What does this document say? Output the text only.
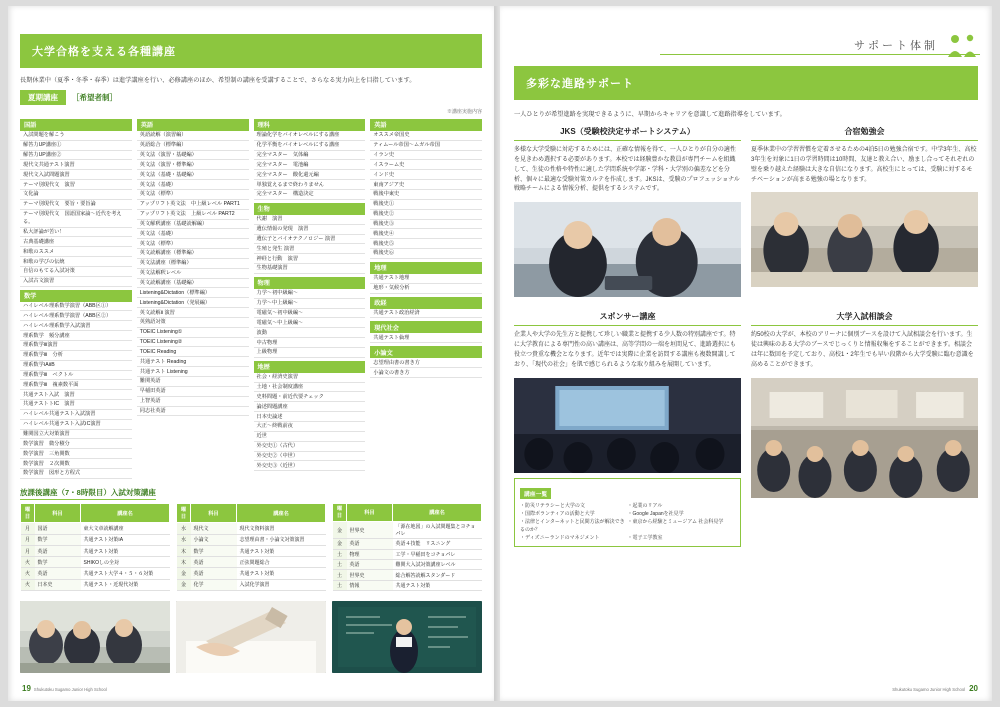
大学合格を支える各種講座
長期休業中（夏季・冬季・春季）は進学講座を行い、必修講座のほか、希望制の講座を受講することで、さらなる実力向上を目指しています。
夏期講座	［希望者制］
※講座実施内容
国語
入試問題を解こう
解答力UP講座①
解答力UP講座②
現代文共通テスト演習
現代文入試問題演習
テーマ別現代文　演習
文化論
テーマ別現代文　要旨・要旨論
テーマ別現代文　国語国家論～近代を考える。
私大評論が苦い！
古典基礎講座
和歌のススメ
和歌の学びの伝統
自信のもてる入試対策
入試古文演習
数学
ハイレベル理系数学演習（ABB区①）
ハイレベル理系数学演習（ABB区②）
ハイレベル理系数学入試演習
理系数学　頻分講座
理系数学Ⅲ演習
理系数学Ⅲ　分析
理系数学ⅠAⅡB
理系数学Ⅲ　ベクトル
理系数学Ⅲ　複素数平面
共通テスト入試　演習
共通テストトIC　演習
ハイレベル共通テスト入試演習
ハイレベル共通テスト入試ⅠC演習
難関国立大対策演習
数学演習　微分積分
数学演習　三角関数
数学演習　２次関数
数学演習　図形と方程式
英語
英語読解（演習編）
英語総合（標準編）
英文法（演習・基礎編）
英文法（演習・標準編）
英文法（基礎・基礎編）
英文法（基礎）
英文法（標準）
アップリフト英文法　中上級レベル PART1
アップリフト英文法　上級レベル PART2
英文解釈講座（基礎読解編）
英文法（基礎）
英文法（標準）
英文読解講座（標準編）
英文法講座（標準編）
英文法解釈レベル
英文読解講座（基礎編）
Listening&Dictation（標準編）
Listening&Dictation（発展編）
英文読解Ⅱ 演習
英熟語対策
TOEIC Listening①
TOEIC Listening②
TOEIC Reading
共通テスト Reading
共通テスト Listening
難関英語
早稲田英語
上智英語
同志社英語
理科
理論化学をバイオレベルにする講座
化学平衡をバイオレベルにする講座
完全マスター　気体編
完全マスター　電池編
完全マスター　酸化還元編
単独覚えるまで終わりません
完全マスター　構造決定
生物
代謝　演習
遺伝情報の発現　演習
遺伝子とバイオテクノロジー 演習
生殖と発生 演習
神経と行動　演習
生物基礎演習
物理
力学～初中級編～
力学～中上級編～
電磁気～初中級編～
電磁気～中上級編～
波動
中古物理
上級物理
地歴
社会・経済史演習
土地・社会制度講座
史料問題・前近代要チェック
論述問題講座
日本史論述
大正～終戦前夜
近世
外交史①（古代）
外交史②（中世）
外交史③（近世）
英語
オススメ帝国史
ティムール帝国～ムガル帝国
イラン史
イスラーム史
インド史
東南アジア史
戦後中東史
戦後史①
戦後史②
戦後史③
戦後史④
戦後史⑤
戦後史⑥
地理
共通テスト地理
地形・気候分析
政経
共通テスト政治経済
現代社会
共通テスト倫理
小論文
志望理由書の書き方
小論文の書き方
放課後講座（7・8時限目）入試対策講座
曜日	科目	講座名
月	国語	東大文章読解講座
月	数学	共通テスト対策ⅠA
月	英語	共通テスト対策
火	数学	SHIKOしの全対
火	英語	共通テスト大学４・５・６対策
火	日本史	共通テスト・近現代対策
曜日	科目	講座名
水	現代文	現代文資料演習
水	小論文	志望理由書・小論文対策演習
木	数学	共通テスト対策
木	英語	正弦問題総合
金	英語	共通テスト対策
金	化学	入試化学演習
曜日	科目	講座名
金	世界史	「源在地図」の入試問題集とヨチョパレ
金	英語	英語４技能　リスニング
土	物理	工学・早稲田をコチョパレ
土	英語	難関大入試対策講座レベル
土	世界史	総合解答読解スタンダード
土	情報	共通テスト対策
19 Shukutoku Sugamo Junior High School
サポート体制
多彩な進路サポート
一人ひとりが希望進路を実現できるように、早期からキャリアを意識して進路指導をしています。
JKS（受験校決定サポートシステム）
多様な大学受験に対応するためには、正確な情報を得て、一人ひとりが自分の適性を見きわめ選択する必要があります。本校では経験豊かな教員が専門チームを組織して、生徒の性格や特性に適した学問系統や学部・学科・大学別の偏差などを分析、個々に最適な受験対策カルテを作成します。JKSは、受験のプロフェッショナル戦略チームによる情報分析、提供をするシステムです。
合宿勉強会
夏季休業中の学習習慣を定着させるための4泊5日の勉強合宿です。中学3年生、高校3年生を対象に1日の学習時間は10時間、友達と教え合い、励まし合ってそれぞれの壁を乗り越えた経験は大きな自信になります。高校生にとっては、受験に対するモチベーションが高まる勉強の場となります。
スポンサー講座
企業人や大学の先生方と提携して珍しい職業と提携する少人数の特別講座です。特に大学教育による専門性の高い講座は、高等学問の一端を垣間見て、進路選択にも役立つ貴重な機会となります。近年では実際に企業を訪問する講座も複数開講しており、「現代の社会」を肌で感じられるような取り組みを展開しています。
講座一覧
・ 防災リテラシーと大学の文	・ 起業のリアル
・ 国際ボランティアの活動と大学	・ Google Japanを社見学
・ 法律とインターネットと民間方法が解決できるのか？
・ 東京から経験とミュージアム 社会科見学
・ ディズニーランドのマネジメント	・ 電子工学教室
大学入試相談会
約50校の大学が、本校のアリーナに個別ブースを設けて入試相談会を行います。生徒は興味のある大学のブースでじっくりと情報収集をすることができます。相談会は年に数回を予定しており、高校1・2年生でも早い段階から大学受験に臨む意識を高めることができます。
Shukutoku Sugamo Junior High School 20
